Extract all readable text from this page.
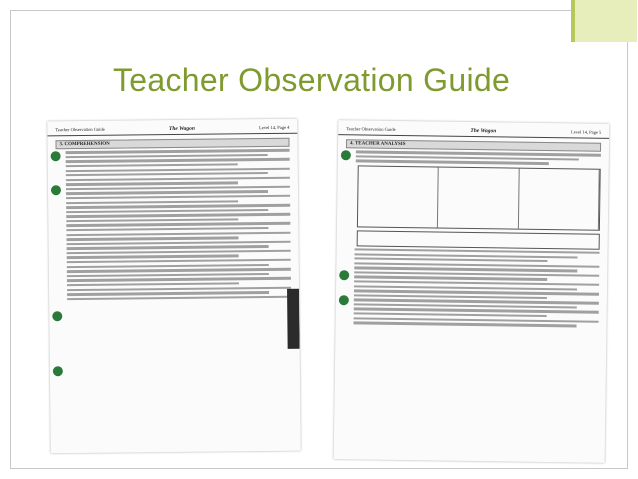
Teacher Observation Guide
Teacher Observation Guide	The Wagon	Level 14, Page 4
3. COMPREHENSION
Teacher Observation Guide	The Wagon	Level 14, Page 5
4. TEACHER ANALYSIS
